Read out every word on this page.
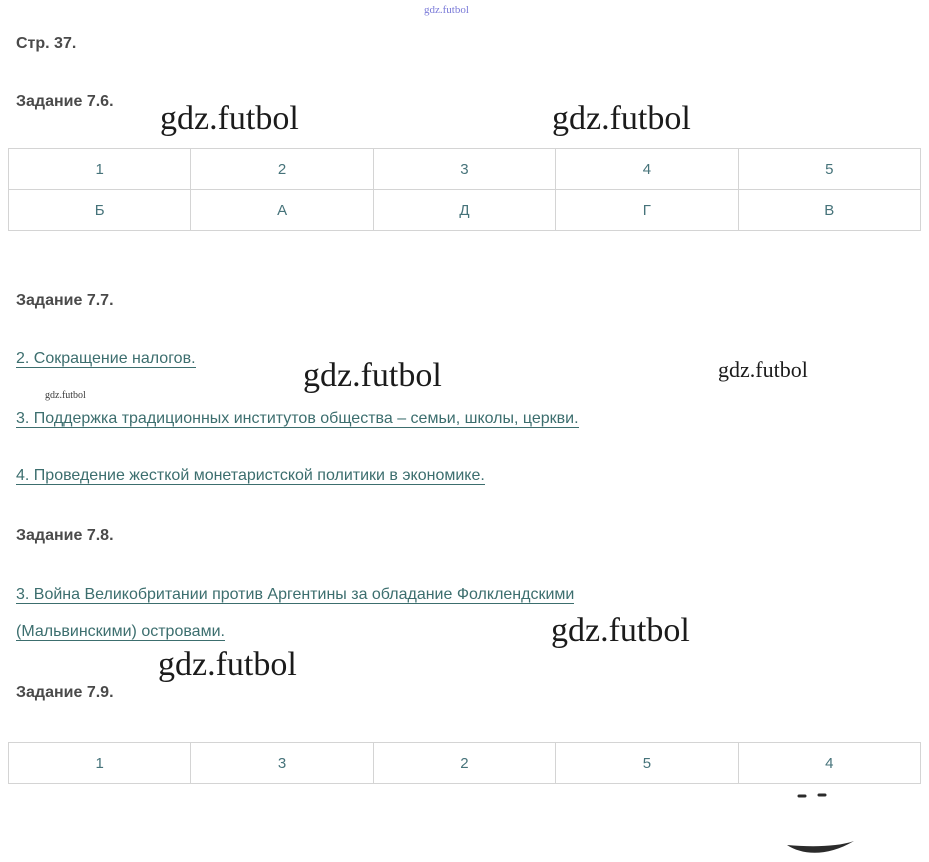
gdz.futbol
Стр. 37.
Задание 7.6. gdz.futbol	gdz.futbol
1	2	3	4	5
Б	А	Д	Г	В
Задание 7.7.
2. Сокращение налогов.	gdz.futbol	gdz.futbol
gdz.futbol
3. Поддержка традиционных институтов общества – семьи, школы, церкви.
4. Проведение жесткой монетаристской политики в экономике.
Задание 7.8.
3. Война Великобритании против Аргентины за обладание Фолклендскими
(Мальвинскими) островами.	gdz.futbol
gdz.futbol
Задание 7.9.
1	3	2	5	4
